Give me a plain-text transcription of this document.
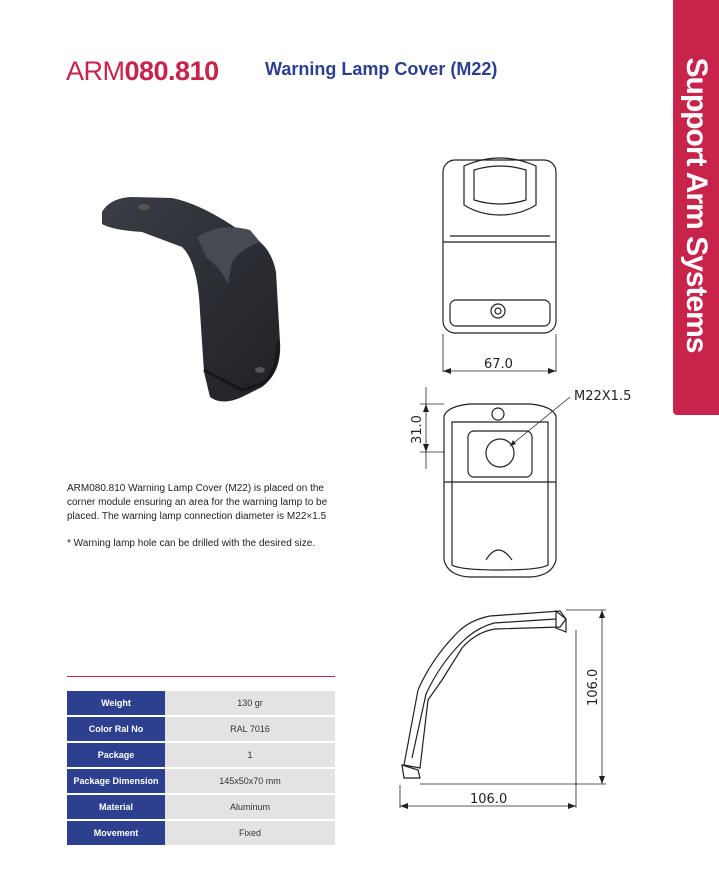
Support Arm Systems
ARM080.810	Warning Lamp Cover (M22)

ARM080.810 Warning Lamp Cover (M22) is placed on the corner module ensuring an area for the warning lamp to be placed. The warning lamp connection diameter is M22×1.5

* Warning lamp hole can be drilled with the desired size.

67.0
31.0
M22X1.5
106.0
106.0
Weight	130 gr
Color Ral No	RAL 7016
Package	1
Package Dimension	145x50x70 mm
Material	Aluminum
Movement	Fixed
